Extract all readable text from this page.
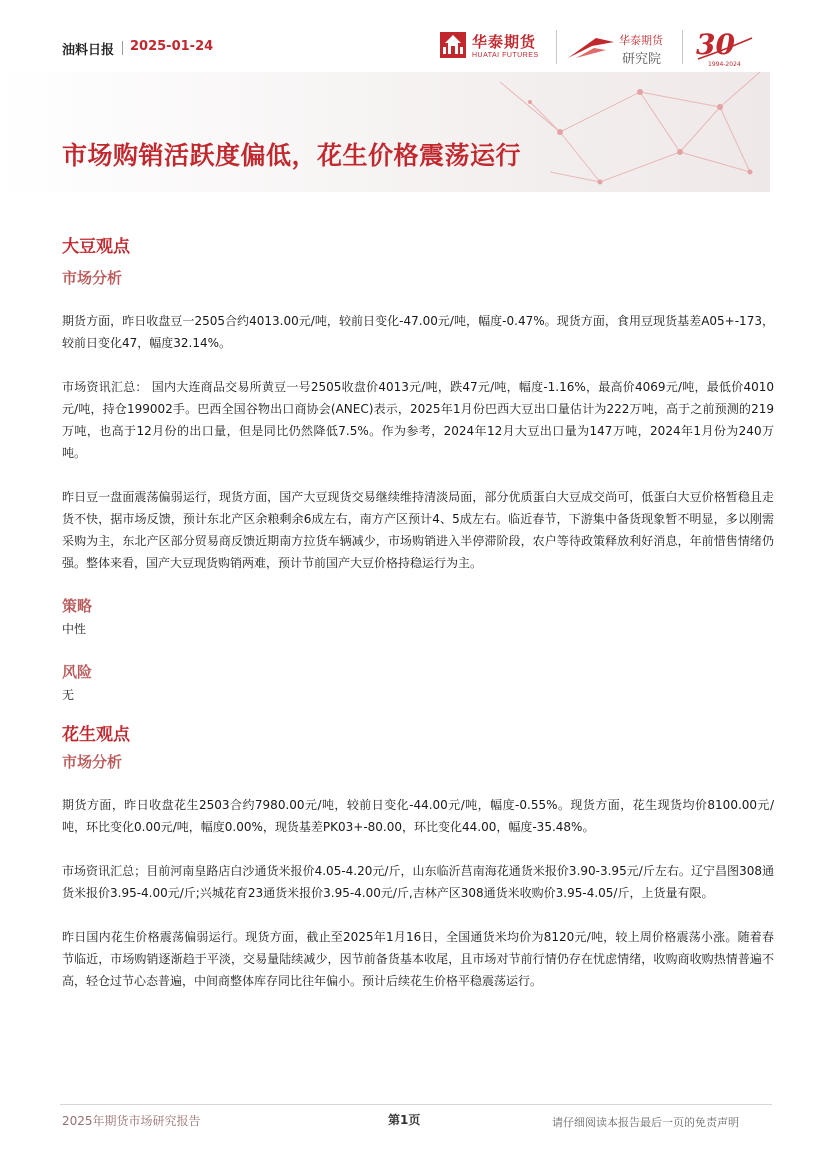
油料日报 2025-01-24	华泰期货
HUATAI FUTURES
华泰期货
研究院 30
1994-2024
市场购销活跃度偏低，花生价格震荡运行
大豆观点
市场分析

期货方面，昨日收盘豆一2505合约4013.00元/吨，较前日变化-47.00元/吨，幅度-0.47%。现货方面，食用豆现货基差A05+-173，较前日变化47，幅度32.14%。

市场资讯汇总： 国内大连商品交易所黄豆一号2505收盘价4013元/吨，跌47元/吨，幅度-1.16%，最高价4069元/吨，最低价4010元/吨，持仓199002手。巴西全国谷物出口商协会(ANEC)表示，2025年1月份巴西大豆出口量估计为222万吨，高于之前预测的219万吨，也高于12月份的出口量，但是同比仍然降低7.5%。作为参考，2024年12月大豆出口量为147万吨，2024年1月份为240万吨。

昨日豆一盘面震荡偏弱运行，现货方面，国产大豆现货交易继续维持清淡局面，部分优质蛋白大豆成交尚可，低蛋白大豆价格暂稳且走货不快，据市场反馈，预计东北产区余粮剩余6成左右，南方产区预计4、5成左右。临近春节，下游集中备货现象暂不明显，多以刚需采购为主，东北产区部分贸易商反馈近期南方拉货车辆减少，市场购销进入半停滞阶段，农户等待政策释放利好消息，年前惜售情绪仍强。整体来看，国产大豆现货购销两难，预计节前国产大豆价格持稳运行为主。

策略
中性
风险
无
花生观点
市场分析

期货方面，昨日收盘花生2503合约7980.00元/吨，较前日变化-44.00元/吨，幅度-0.55%。现货方面，花生现货均价8100.00元/吨，环比变化0.00元/吨，幅度0.00%，现货基差PK03+-80.00，环比变化44.00，幅度-35.48%。

市场资讯汇总；目前河南皇路店白沙通货米报价4.05-4.20元/斤，山东临沂莒南海花通货米报价3.90-3.95元/斤左右。辽宁昌图308通货米报价3.95-4.00元/斤;兴城花育23通货米报价3.95-4.00元/斤,吉林产区308通货米收购价3.95-4.05/斤，上货量有限。

昨日国内花生价格震荡偏弱运行。现货方面，截止至2025年1月16日，全国通货米均价为8120元/吨，较上周价格震荡小涨。随着春节临近，市场购销逐渐趋于平淡，交易量陆续减少，因节前备货基本收尾，且市场对节前行情仍存在忧虑情绪，收购商收购热情普遍不高，轻仓过节心态普遍，中间商整体库存同比往年偏小。预计后续花生价格平稳震荡运行。

2025年期货市场研究报告	第1页	请仔细阅读本报告最后一页的免责声明
